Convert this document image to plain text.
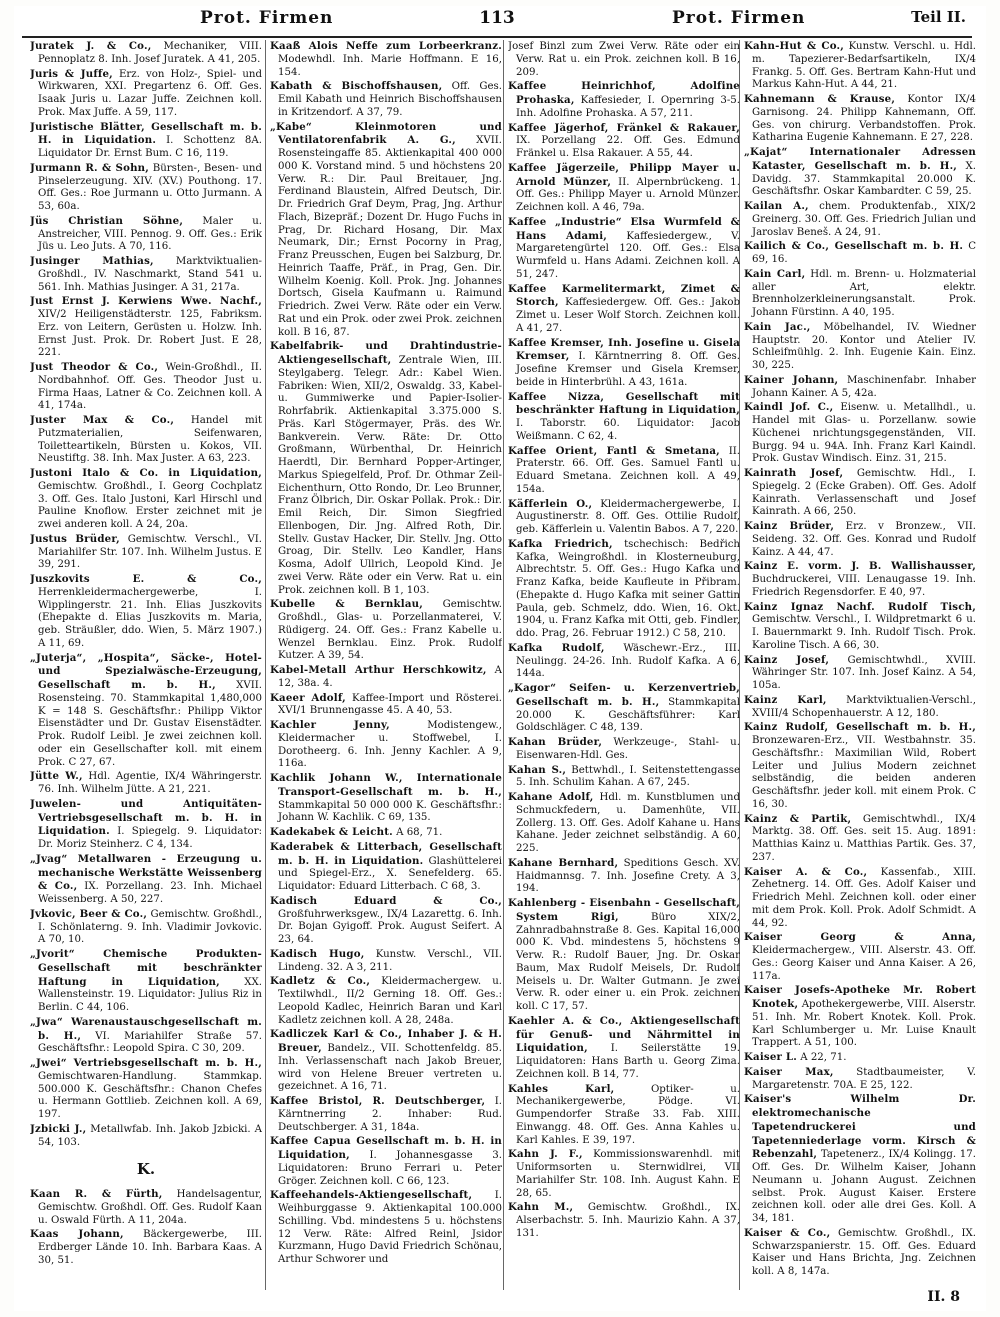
Prot. Firmen	113	Prot. Firmen	Teil II.
Juratek J. & Co., Mechaniker, VIII. Pennoplatz 8. Inh. Josef Juratek. A 41, 205.
Juris & Juffe, Erz. von Holz-, Spiel- und Wirkwaren, XXI. Pregartenz 6. Off. Ges. Isaak Juris u. Lazar Juffe. Zeichnen koll. Prok. Max Juffe. A 59, 117.
Juristische Blätter, Gesellschaft m. b. H. in Liquidation. I. Schottenz 8A. Liquidator Dr. Ernst Bum. C 16, 119.
Jurmann R. & Sohn, Bürsten-, Besen- und Pinselerzeugung. XIV. (XV.) Pouthong. 17. Off. Ges.: Roe Jurmann u. Otto Jurmann. A 53, 60a.
Jüs Christian Söhne, Maler u. Anstreicher, VIII. Pennog. 9. Off. Ges.: Erik Jüs u. Leo Juts. A 70, 116.
Jusinger Mathias, Marktviktualien-Großhdl., IV. Naschmarkt, Stand 541 u. 561. Inh. Mathias Jusinger. A 31, 217a.
Just Ernst J. Kerwiens Wwe. Nachf., XIV/2 Heiligenstädterstr. 125, Fabriksm. Erz. von Leitern, Gerüsten u. Holzw. Inh. Ernst Just. Prok. Dr. Robert Just. E 28, 221.
Just Theodor & Co., Wein-Großhdl., II. Nordbahnhof. Off. Ges. Theodor Just u. Firma Haas, Latner & Co. Zeichnen koll. A 41, 174a.
Juster Max & Co., Handel mit Putzmaterialien, Seifenwaren, Toiletteartikeln, Bürsten u. Kokos, VII. Neustiftg. 38. Inh. Max Juster. A 63, 223.
Justoni Italo & Co. in Liquidation, Gemischtw. Großhdl., I. Georg Cochplatz 3. Off. Ges. Italo Justoni, Karl Hirschl und Pauline Knoflow. Erster zeichnet mit je zwei anderen koll. A 24, 20a.
Justus Brüder, Gemischtw. Verschl., VI. Mariahilfer Str. 107. Inh. Wilhelm Justus. E 39, 291.
Juszkovits E. & Co., Herrenkleidermachergewerbe, I. Wipplingerstr. 21. Inh. Elias Juszkovits (Ehepakte d. Elias Juszkovits m. Maria, geb. Sträußler, ddo. Wien, 5. März 1907.) A 11, 69.
„Juterja“, „Hospita“, Säcke-, Hotel- und Spezialwäsche-Erzeugung, Gesellschaft m. b. H., XVII. Rosensteing. 70. Stammkapital 1,480,000 K = 148 S. Geschäftsfhr.: Philipp Viktor Eisenstädter und Dr. Gustav Eisenstädter. Prok. Rudolf Leibl. Je zwei zeichnen koll. oder ein Gesellschafter koll. mit einem Prok. C 27, 67.
Jütte W., Hdl. Agentie, IX/4 Währingerstr. 76. Inh. Wilhelm Jütte. A 21, 221.
Juwelen- und Antiquitäten-Vertriebsgesellschaft m. b. H. in Liquidation. I. Spiegelg. 9. Liquidator: Dr. Moriz Steinherz. C 4, 134.
„Jvag“ Metallwaren - Erzeugung u. mechanische Werkstätte Weissenberg & Co., IX. Porzellang. 23. Inh. Michael Weissenberg. A 50, 227.
Jvkovic, Beer & Co., Gemischtw. Großhdl., I. Schönlaterng. 9. Inh. Vladimir Jovkovic. A 70, 10.
„Jvorit“ Chemische Produkten-Gesellschaft mit beschränkter Haftung in Liquidation, XX. Wallensteinstr. 19. Liquidator: Julius Riz in Berlin. C 44, 106.
„Jwa“ Warenaustauschgesellschaft m. b. H., VI. Mariahilfer Straße 57. Geschäftsfhr.: Leopold Spira. C 30, 209.
„Jwei“ Vertriebsgesellschaft m. b. H., Gemischtwaren-Handlung. Stammkap. 500.000 K. Geschäftsfhr.: Chanon Chefes u. Hermann Gottlieb. Zeichnen koll. A 69, 197.
Jzbicki J., Metallwfab. Inh. Jakob Jzbicki. A 54, 103.
K.
Kaan R. & Fürth, Handelsagentur, Gemischtw. Großhdl. Off. Ges. Rudolf Kaan u. Oswald Fürth. A 11, 204a.
Kaas Johann, Bäckergewerbe, III. Erdberger Lände 10. Inh. Barbara Kaas. A 30, 51.
Kaaß Alois Neffe zum Lorbeerkranz. Modewhdl. Inh. Marie Hoffmann. E 16, 154.
Kabath & Bischoffshausen, Off. Ges. Emil Kabath und Heinrich Bischoffshausen in Kritzendorf. A 37, 79.
„Kabe“ Kleinmotoren und Ventilatorenfabrik A. G., XVII. Rosensteingaffe 85. Aktienkapital 400 000 000 K. Vorstand mind. 5 und höchstens 20 Verw. R.: Dir. Paul Breitauer, Jng. Ferdinand Blaustein, Alfred Deutsch, Dir. Dr. Friedrich Graf Deym, Prag, Jng. Arthur Flach, Bizepräf.; Dozent Dr. Hugo Fuchs in Prag, Dr. Richard Hosang, Dir. Max Neumark, Dir.; Ernst Pocorny in Prag, Franz Preusschen, Eugen bei Salzburg, Dr. Heinrich Taaffe, Präf., in Prag, Gen. Dir. Wilhelm Koenig. Koll. Prok. Jng. Johannes Dortsch, Gisela Kaufmann u. Raimund Friedrich. Zwei Verw. Räte oder ein Verw. Rat und ein Prok. oder zwei Prok. zeichnen koll. B 16, 87.
Kabelfabrik- und Drahtindustrie-Aktiengesellschaft, Zentrale Wien, III. Steylgaberg. Telegr. Adr.: Kabel Wien. Fabriken: Wien, XII/2, Oswaldg. 33, Kabel- u. Gummiwerke und Papier-Isolier-Rohrfabrik. Aktienkapital 3.375.000 S. Präs. Karl Stögermayer, Präs. des Wr. Bankverein. Verw. Räte: Dr. Otto Großmann, Würbenthal, Dr. Heinrich Haerdtl, Dir. Bernhard Popper-Artinger, Markus Spiegelfeld, Prof. Dr. Othmar Zeil-Eichenthurn, Otto Rondo, Dr. Leo Brunner, Franz Ölbrich, Dir. Oskar Pollak. Prok.: Dir. Emil Reich, Dir. Simon Siegfried Ellenbogen, Dir. Jng. Alfred Roth, Dir. Stellv. Gustav Hacker, Dir. Stellv. Jng. Otto Groag, Dir. Stellv. Leo Kandler, Hans Kosma, Adolf Ullrich, Leopold Kind. Je zwei Verw. Räte oder ein Verw. Rat u. ein Prok. zeichnen koll. B 1, 103.
Kubelle & Bernklau, Gemischtw. Großhdl., Glas- u. Porzellanmaterei, V. Rüdigerg. 24. Off. Ges.: Franz Kabelle u. Wenzel Bernklau. Einz. Prok. Rudolf Kutzer. A 39, 54.
Kabel-Metall Arthur Herschkowitz, A 12, 38a. 4.
Kaeer Adolf, Kaffee-Import und Rösterei. XVI/1 Brunnengasse 45. A 40, 53.
Kachler Jenny,	Modistengew., Kleidermacher u. Stoffwebel, I. Dorotheerg. 6. Inh. Jenny Kachler. A 9, 116a.
Kachlik Johann W., Internationale Transport-Gesellschaft m. b. H., Stammkapital 50 000 000 K. Geschäftsfhr.: Johann W. Kachlik. C 69, 135.
Kadekabek & Leicht. A 68, 71.
Kaderabek & Litterbach, Gesellschaft m. b. H. in Liquidation. Glashüttelerei und Spiegel-Erz., X. Senefelderg. 65. Liquidator: Eduard Litterbach. C 68, 3.
Kadisch Eduard & Co., Großfuhrwerksgew., IX/4 Lazarettg. 6. Inh. Dr. Bojan Gyigoff. Prok. August Seifert. A 23, 64.
Kadisch Hugo, Kunstw. Verschl., VII. Lindeng. 32. A 3, 211.
Kadletz & Co., Kleidermachergew. u. Textilwhdl., II/2 Gerning 18. Off. Ges.: Leopold Kadlec, Heinrich Baran und Karl Kadletz zeichnen koll. A 28, 248a.
Kadliczek Karl & Co., Inhaber J. & H. Breuer, Bandelz., VII. Schottenfeldg. 85. Inh. Verlassenschaft nach Jakob Breuer, wird von Helene Breuer vertreten u. gezeichnet. A 16, 71.
Kaffee Bristol, R. Deutschberger, I. Kärntnerring 2. Inhaber: Rud. Deutschberger. A 31, 184a.
Kaffee Capua Gesellschaft m. b. H. in Liquidation, I. Johannesgasse 3. Liquidatoren: Bruno Ferrari u. Peter Gröger. Zeichnen koll. C 66, 123.
Kaffeehandels-Aktiengesellschaft, I. Weihburggasse 9. Aktienkapital 100.000 Schilling. Vbd. mindestens 5 u. höchstens 12 Verw. Räte: Alfred Reinl, Jsidor Kurzmann, Hugo David Friedrich Schönau, Arthur Schworer und
Josef Binzl zum Zwei Verw. Räte oder ein Verw. Rat u. ein Prok. zeichnen koll. B 16, 209.
Kaffee Heinrichhof, Adolfine Prohaska, Kaffesieder, I. Opernring 3-5. Inh. Adolfine Prohaska. A 57, 211.
Kaffee Jägerhof, Fränkel & Rakauer, IX. Porzellang 22. Off. Ges. Edmund Fränkel u. Elsa Rakauer. A 55, 44.
Kaffee Jägerzeile, Philipp Mayer u. Arnold Münzer, II. Alpernbrückeng. 1. Off. Ges.: Philipp Mayer u. Arnold Münzer. Zeichnen koll. A 46, 79a.
Kaffee „Industrie“ Elsa Wurmfeld & Hans Adami, Kaffesiedergew., V. Margaretengürtel 120. Off. Ges.: Elsa Wurmfeld u. Hans Adami. Zeichnen koll. A 51, 247.
Kaffee Karmelitermarkt, Zimet & Storch, Kaffesiedergew. Off. Ges.: Jakob Zimet u. Leser Wolf Storch. Zeichnen koll. A 41, 27.
Kaffee Kremser, Inh. Josefine u. Gisela Kremser, I. Kärntnerring 8. Off. Ges. Josefine Kremser und Gisela Kremser, beide in Hinterbrühl. A 43, 161a.
Kaffee Nizza, Gesellschaft mit beschränkter Haftung in Liquidation, I. Taborstr. 60. Liquidator: Jacob Weißmann. C 62, 4.
Kaffee Orient, Fantl & Smetana, II. Praterstr. 66. Off. Ges. Samuel Fantl u. Eduard Smetana. Zeichnen koll. A 49, 154a.
Käfferlein O., Kleidermachergewerbe, I. Augustinerstr. 8. Off. Ges. Ottilie Rudolf, geb. Käfferlein u. Valentin Babos. A 7, 220.
Kafka Friedrich, tschechisch: Bedřich Kafka, Weingroßhdl. in Klosterneuburg, Albrechtstr. 5. Off. Ges.: Hugo Kafka und Franz Kafka, beide Kaufleute in Přibram. (Ehepakte d. Hugo Kafka mit seiner Gattin Paula, geb. Schmelz, ddo. Wien, 16. Okt. 1904, u. Franz Kafka mit Otti, geb. Findler, ddo. Prag, 26. Februar 1912.) C 58, 210.
Kafka Rudolf, Wäschewr.-Erz., III. Neulingg. 24-26. Inh. Rudolf Kafka. A 6, 144a.
„Kagor“ Seifen- u. Kerzenvertrieb, Gesellschaft m. b. H., Stammkapital 20.000 K. Geschäftsführer: Karl Goldschläger. C 48, 139.
Kahan Brüder, Werkzeuge-, Stahl- u. Eisenwaren-Hdl. Ges.
Kahan S., Bettwhdl., I. Seitenstettengasse 5. Inh. Schulim Kahan. A 67, 245.
Kahane Adolf, Hdl. m. Kunstblumen und Schmuckfedern, u. Damenhüte, VII. Zollerg. 13. Off. Ges. Adolf Kahane u. Hans Kahane. Jeder zeichnet selbständig. A 60, 225.
Kahane Bernhard, Speditions Gesch. XV. Haidmannsg. 7. Inh. Josefine Crety. A 3, 194.
Kahlenberg - Eisenbahn - Gesellschaft, System Rigi,	Büro XIX/2, Zahnradbahnstraße 8. Ges. Kapital 16,000 000 K. Vbd. mindestens 5, höchstens 9 Verw. R.: Rudolf Bauer, Jng. Dr. Oskar Baum, Max Rudolf Meisels, Dr. Rudolf Meisels u. Dr. Walter Gutmann. Je zwei Verw. R. oder einer u. ein Prok. zeichnen koll. C 17, 57.
Kaehler A. & Co., Aktiengesellschaft für Genuß- und Nährmittel in Liquidation, I. Seilerstätte 19. Liquidatoren: Hans Barth u. Georg Zima. Zeichnen koll. B 14, 77.
Kahles Karl,	Optiker- u. Mechanikergewerbe, Pödge. VI. Gumpendorfer Straße 33. Fab. XIII. Einwangg. 48. Off. Ges. Anna Kahles u. Karl Kahles. E 39, 197.
Kahn J. F., Kommissionswarenhdl. mit Uniformsorten u. Sternwidlrei, VII Mariahilfer Str. 108. Inh. August Kahn. E 28, 65.
Kahn M., Gemischtw. Großhdl., IX. Alserbachstr. 5. Inh. Maurizio Kahn. A 37, 131.
Kahn-Hut & Co., Kunstw. Verschl. u. Hdl. m. Tapezierer-Bedarfsartikeln, IX/4 Frankg. 5. Off. Ges. Bertram Kahn-Hut und Markus Kahn-Hut. A 44, 21.
Kahnemann & Krause, Kontor IX/4 Garnisong. 24. Philipp Kahnemann, Off. Ges. von chirurg. Verbandstoffen. Prok. Katharina Eugenie Kahnemann. E 27, 228.
„Kajat“ Internationaler Adressen Kataster, Gesellschaft m. b. H., X. Davidg. 37. Stammkapital 20.000 K. Geschäftsfhr. Oskar Kambardter. C 59, 25.
Kailan A., chem. Produktenfab., XIX/2 Greinerg. 30. Off. Ges. Friedrich Julian und Jaroslav Beneš. A 24, 91.
Kailich & Co., Gesellschaft m. b. H. C 69, 16.
Kain Carl, Hdl. m. Brenn- u. Holzmaterial aller Art, elektr. Brennholzerkleinerungsanstalt. Prok. Johann Fürstinn. A 40, 195.
Kain Jac., Möbelhandel, IV. Wiedner Hauptstr. 20. Kontor und Atelier IV. Schleifmühlg. 2. Inh. Eugenie Kain. Einz. 30, 225.
Kainer Johann, Maschinenfabr. Inhaber Johann Kainer. A 5, 42a.
Kaindl Jof. C., Eisenw. u. Metallhdl., u. Handel mit Glas- u. Porzellanw. sowie Küchenei nrichtungsgegenständen, VII. Burgg. 94 u. 94A. Inh. Franz Karl Kaindl. Prok. Gustav Windisch. Einz. 31, 215.
Kainrath Josef, Gemischtw. Hdl., I. Spiegelg. 2 (Ecke Graben). Off. Ges. Adolf Kainrath. Verlassenschaft und Josef Kainrath. A 66, 250.
Kainz Brüder, Erz. v Bronzew., VII. Seideng. 32. Off. Ges. Konrad und Rudolf Kainz. A 44, 47.
Kainz E. vorm. J. B. Wallishausser, Buchdruckerei, VIII. Lenaugasse 19. Inh. Friedrich Regensdorfer. E 40, 97.
Kainz Ignaz Nachf. Rudolf Tisch, Gemischtw. Verschl., I. Wildpretmarkt 6 u. I. Bauernmarkt 9. Inh. Rudolf Tisch. Prok. Karoline Tisch. A 66, 30.
Kainz Josef, Gemischtwhdl., XVIII. Währinger Str. 107. Inh. Josef Kainz. A 54, 105a.
Kainz Karl, Marktviktualien-Verschl., XVIII/4 Schopenhauerstr. A 12, 180.
Kainz Rudolf, Gesellschaft m. b. H., Bronzewaren-Erz., VII. Westbahnstr. 35. Geschäftsfhr.: Maximilian Wild, Robert Leiter und Julius Modern zeichnet selbständig, die beiden anderen Geschäftsfhr. jeder koll. mit einem Prok. C 16, 30.
Kainz & Partik, Gemischtwhdl., IX/4 Marktg. 38. Off. Ges. seit 15. Aug. 1891: Matthias Kainz u. Matthias Partik. Ges. 37, 237.
Kaiser A. & Co., Kassenfab., XIII. Zehetnerg. 14. Off. Ges. Adolf Kaiser und Friedrich Mehl. Zeichnen koll. oder einer mit dem Prok. Koll. Prok. Adolf Schmidt. A 44, 92.
Kaiser Georg & Anna, Kleidermachergew., VIII. Alserstr. 43. Off. Ges.: Georg Kaiser und Anna Kaiser. A 26, 117a.
Kaiser Josefs-Apotheke Mr. Robert Knotek, Apothekergewerbe, VIII. Alserstr. 51. Inh. Mr. Robert Knotek. Koll. Prok. Karl Schlumberger u. Mr. Luise Knault Trappert. A 51, 100.
Kaiser L. A 22, 71.
Kaiser Max, Stadtbaumeister, V. Margaretenstr. 70A. E 25, 122.
Kaiser's Wilhelm Dr. elektromechanische Tapetendruckerei und Tapetenniederlage vorm. Kirsch & Rebenzahl, Tapetenerz., IX/4 Kolingg. 17. Off. Ges. Dr. Wilhelm Kaiser, Johann Neumann u. Johann August. Zeichnen selbst. Prok. August Kaiser. Erstere zeichnen koll. oder alle drei Ges. Koll. A 34, 181.
Kaiser & Co., Gemischtw. Großhdl., IX. Schwarzspanierstr. 15. Off. Ges. Eduard Kaiser und Hans Brichta, Jng. Zeichnen koll. A 8, 147a.
II. 8
